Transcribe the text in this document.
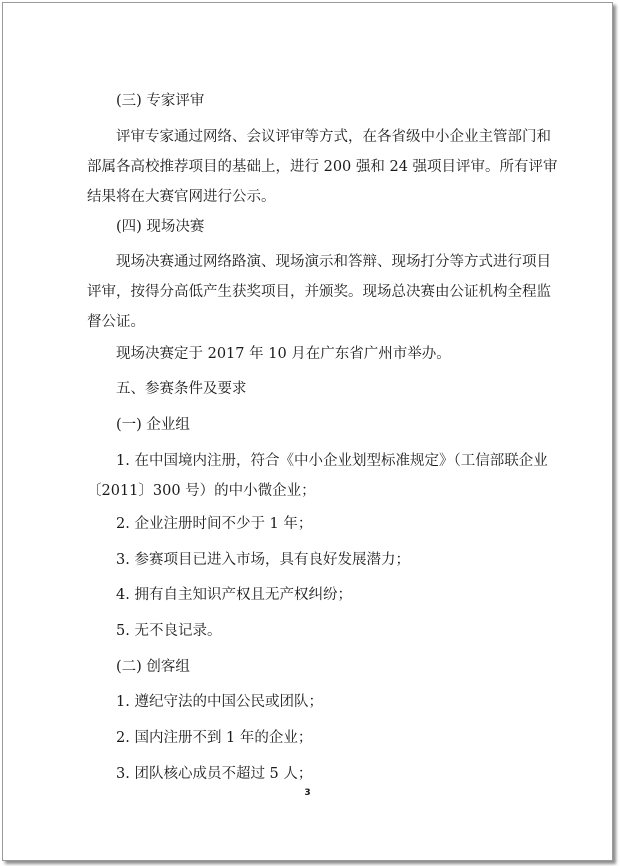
(三) 专家评审
评审专家通过网络、会议评审等方式，在各省级中小企业主管部门和
部属各高校推荐项目的基础上，进行 200 强和 24 强项目评审。所有评审
结果将在大赛官网进行公示。
(四) 现场决赛
现场决赛通过网络路演、现场演示和答辩、现场打分等方式进行项目
评审，按得分高低产生获奖项目，并颁奖。现场总决赛由公证机构全程监
督公证。
现场决赛定于 2017 年 10 月在广东省广州市举办。
五、参赛条件及要求
(一) 企业组
1. 在中国境内注册，符合《中小企业划型标准规定》（工信部联企业
〔2011〕300 号）的中小微企业；
2. 企业注册时间不少于 1 年；
3. 参赛项目已进入市场，具有良好发展潜力；
4. 拥有自主知识产权且无产权纠纷；
5. 无不良记录。
(二) 创客组
1. 遵纪守法的中国公民或团队；
2. 国内注册不到 1 年的企业；
3. 团队核心成员不超过 5 人；
3
